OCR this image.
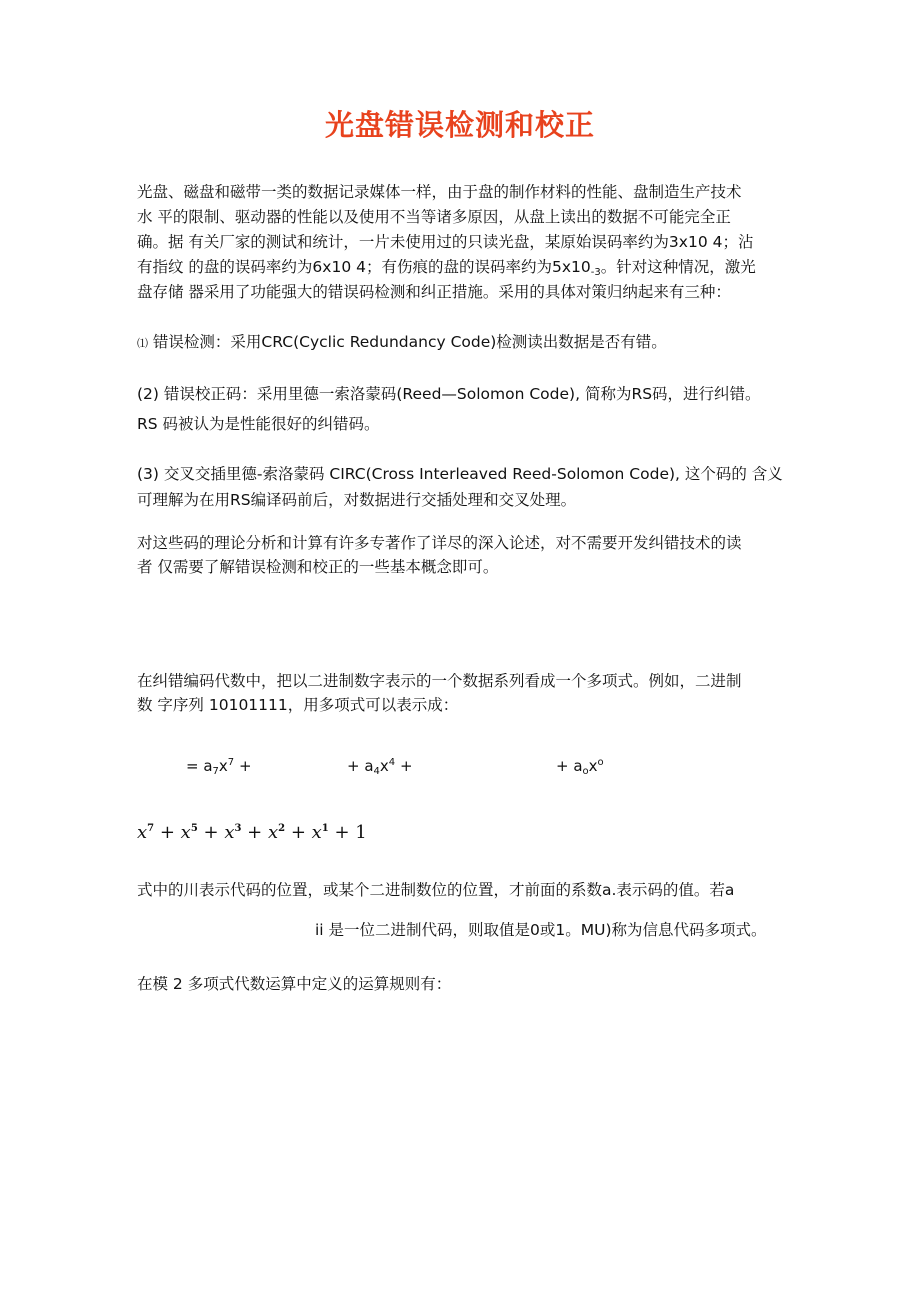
光盘错误检测和校正
光盘、磁盘和磁带一类的数据记录媒体一样，由于盘的制作材料的性能、盘制造生产技术
水 平的限制、驱动器的性能以及使用不当等诸多原因，从盘上读出的数据不可能完全正
确。据 有关厂家的测试和统计，一片未使用过的只读光盘，某原始误码率约为3x10 4；沾
有指纹 的盘的误码率约为6x10 4；有伤痕的盘的误码率约为$5x10_{-3}$。针对这种情况，激光
盘存储 器采用了功能强大的错误码检测和纠正措施。采用的具体对策归纳起来有三种：
⑴ 错误检测：采用CRC(Cyclic Redundancy Code)检测读出数据是否有错。
(2) 错误校正码：采用里德一索洛蒙码(Reed—Solomon Code), 简称为RS码，进行纠错。
RS 码被认为是性能很好的纠错码。
(3) 交叉交插里德-索洛蒙码 CIRC(Cross Interleaved Reed-Solomon Code), 这个码的 含义
可理解为在用RS编译码前后，对数据进行交插处理和交叉处理。
对这些码的理论分析和计算有许多专著作了详尽的深入论述，对不需要开发纠错技术的读
者 仅需要了解错误检测和校正的一些基本概念即可。
在纠错编码代数中，把以二进制数字表示的一个数据系列看成一个多项式。例如，二进制
数 字序列 10101111，用多项式可以表示成：
= $a_7x^7$ +	+ $a_4x^4$ +	+ $a_ox^o$
$x^7 + x^5 + x^3 + x^2 + x^1 + 1$
式中的川表示代码的位置，或某个二进制数位的位置，才前面的系数a.表示码的值。若a
ii 是一位二进制代码，则取值是0或1。MU)称为信息代码多项式。
在模 2 多项式代数运算中定义的运算规则有：
